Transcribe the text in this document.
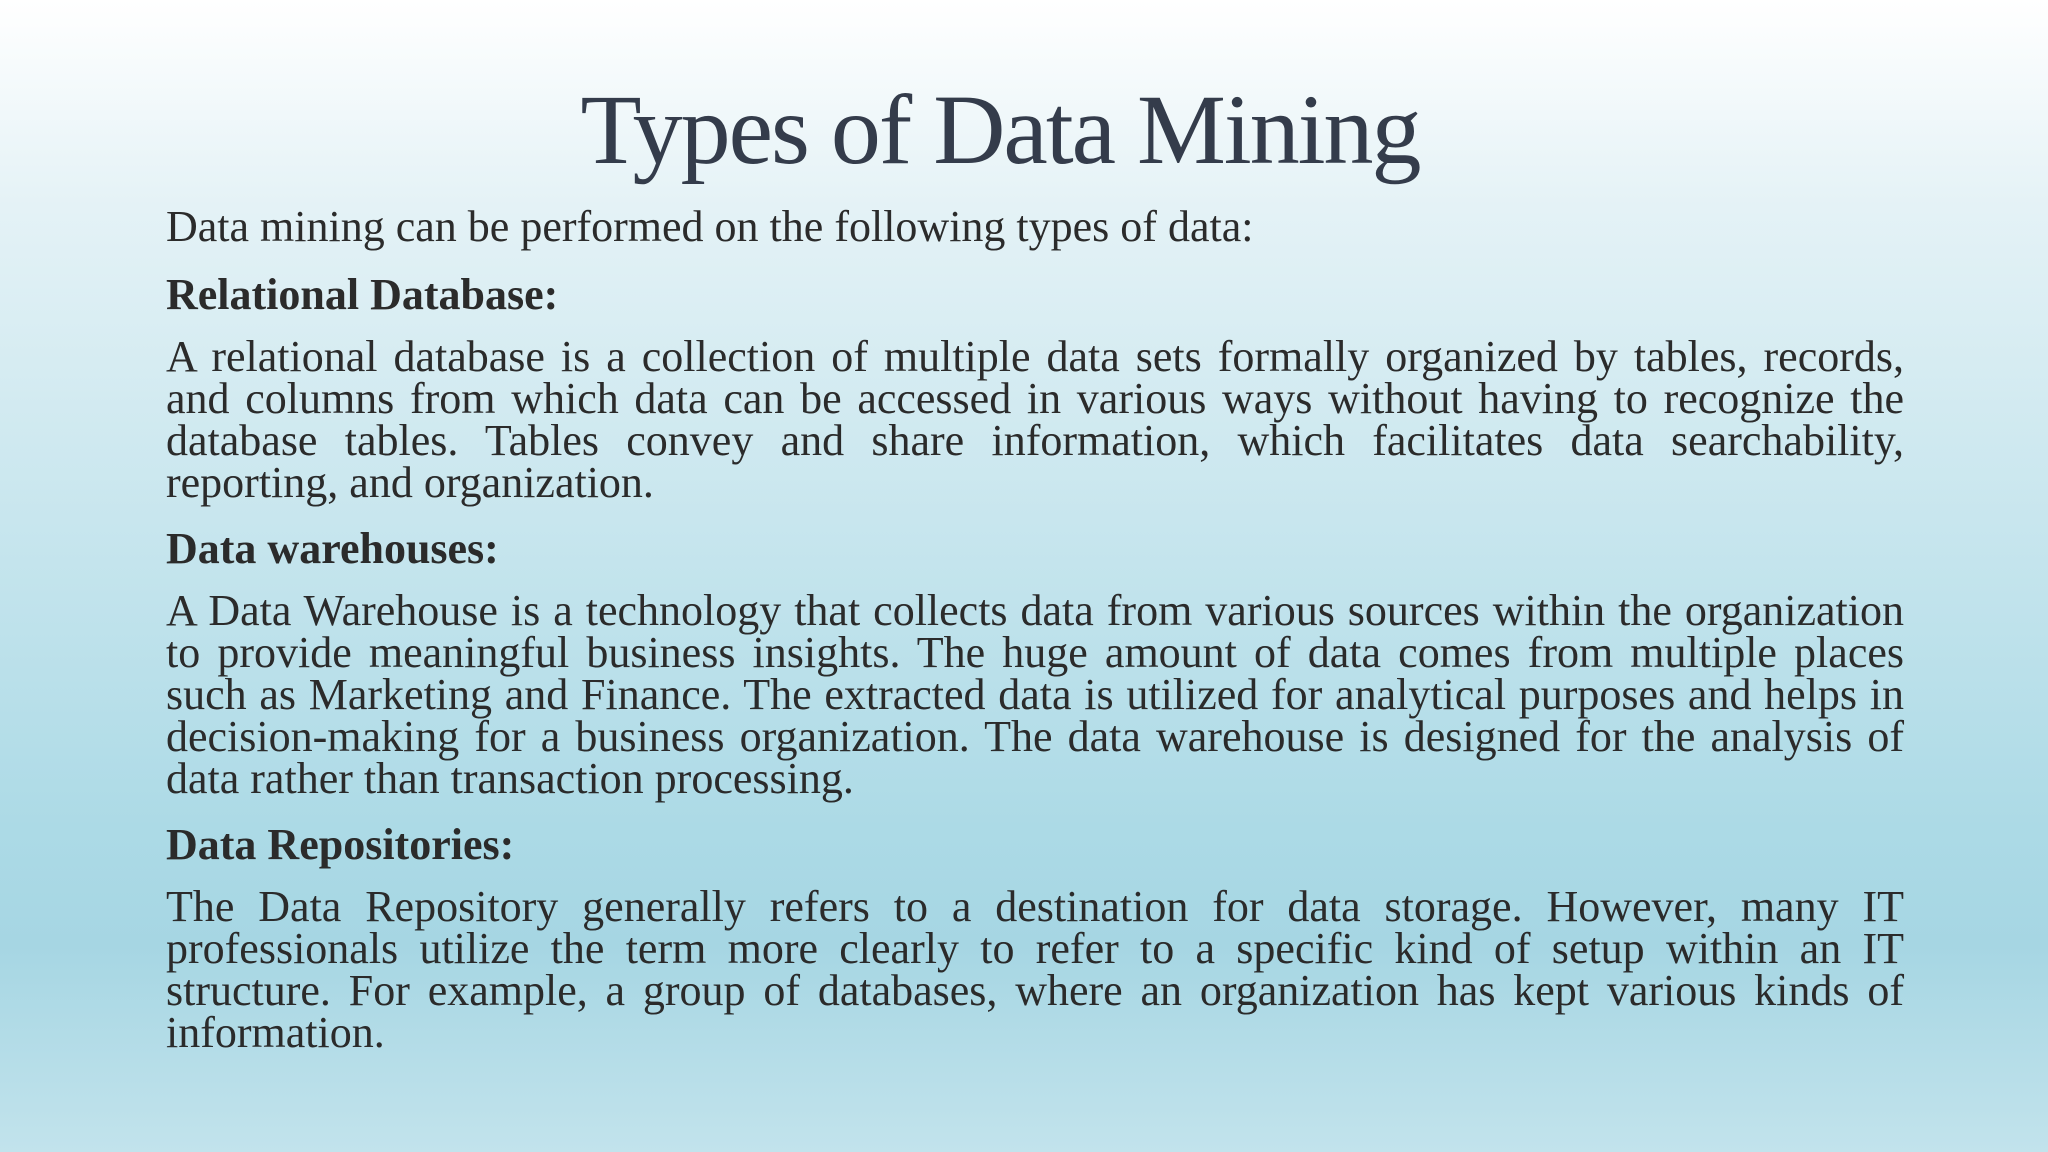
Types of Data Mining

Data mining can be performed on the following types of data:

Relational Database:

A relational database is a collection of multiple data sets formally organized by tables, records, and columns from which data can be accessed in various ways without having to recognize the database tables. Tables convey and share information, which facilitates data searchability, reporting, and organization.

Data warehouses:

A Data Warehouse is a technology that collects data from various sources within the organization to provide meaningful business insights. The huge amount of data comes from multiple places such as Marketing and Finance. The extracted data is utilized for analytical purposes and helps in decision-making for a business organization. The data warehouse is designed for the analysis of data rather than transaction processing.

Data Repositories:

The Data Repository generally refers to a destination for data storage. However, many IT professionals utilize the term more clearly to refer to a specific kind of setup within an IT structure. For example, a group of databases, where an organization has kept various kinds of information.
